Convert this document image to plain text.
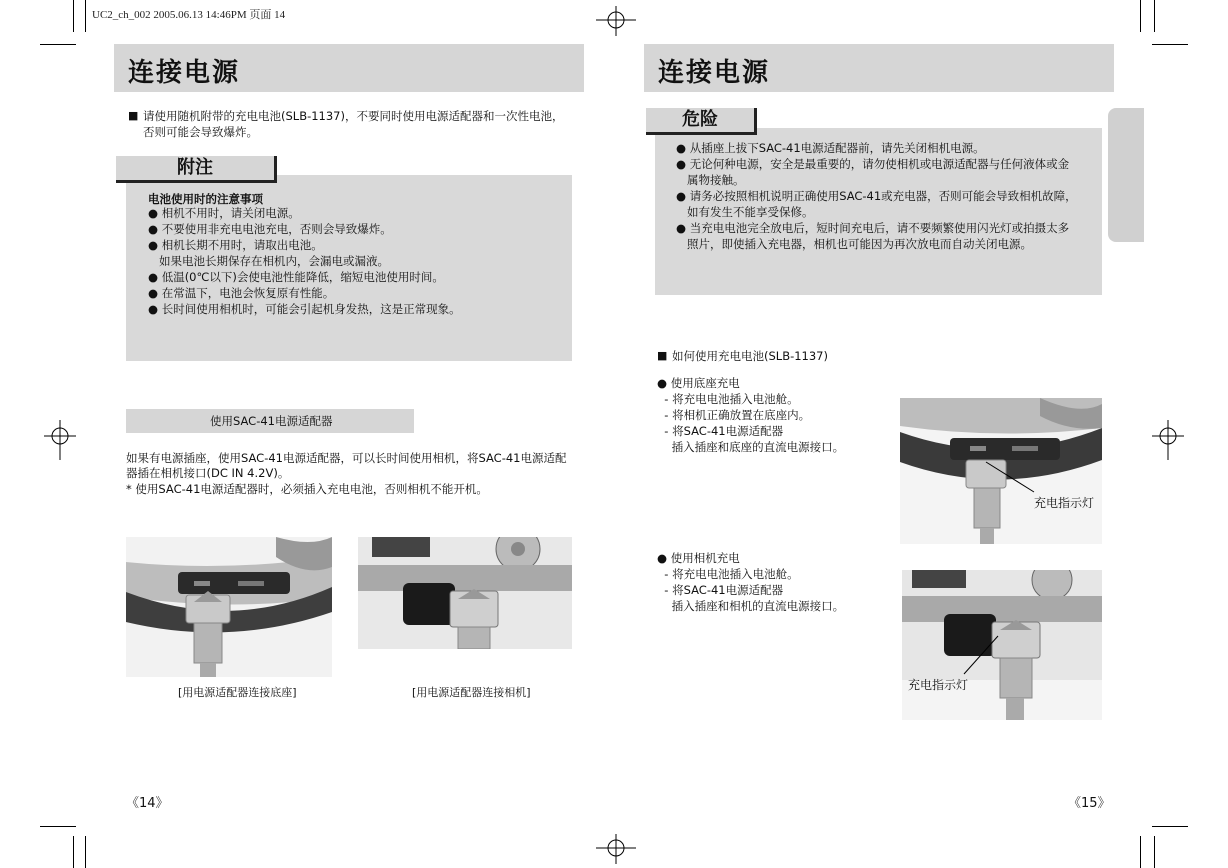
UC2_ch_002 2005.06.13 14:46PM 页面 14
连接电源
■ 请使用随机附带的充电电池(SLB-1137)，不要同时使用电源适配器和一次性电池，
否则可能会导致爆炸。
附注
电池使用时的注意事项
● 相机不用时，请关闭电源。
● 不要使用非充电电池充电，否则会导致爆炸。
● 相机长期不用时，请取出电池。
如果电池长期保存在相机内，会漏电或漏液。
● 低温(0℃以下)会使电池性能降低，缩短电池使用时间。
● 在常温下，电池会恢复原有性能。
● 长时间使用相机时，可能会引起机身发热，这是正常现象。
使用SAC-41电源适配器
如果有电源插座，使用SAC-41电源适配器，可以长时间使用相机，将SAC-41电源适配
器插在相机接口(DC IN 4.2V)。
* 使用SAC-41电源适配器时，必须插入充电电池，否则相机不能开机。
[用电源适配器连接底座]	[用电源适配器连接相机]
《14》
连接电源
危险
● 从插座上拔下SAC-41电源适配器前，请先关闭相机电源。
● 无论何种电源，安全是最重要的，请勿使相机或电源适配器与任何液体或金
属物接触。
● 请务必按照相机说明正确使用SAC-41或充电器，否则可能会导致相机故障，
如有发生不能享受保修。
● 当充电电池完全放电后，短时间充电后，请不要频繁使用闪光灯或拍摄太多
照片，即使插入充电器，相机也可能因为再次放电而自动关闭电源。
■ 如何使用充电电池(SLB-1137)
● 使用底座充电
- 将充电电池插入电池舱。
- 将相机正确放置在底座内。
- 将SAC-41电源适配器
插入插座和底座的直流电源接口。
● 使用相机充电
- 将充电电池插入电池舱。
- 将SAC-41电源适配器
插入插座和相机的直流电源接口。
充电指示灯
充电指示灯
《15》
